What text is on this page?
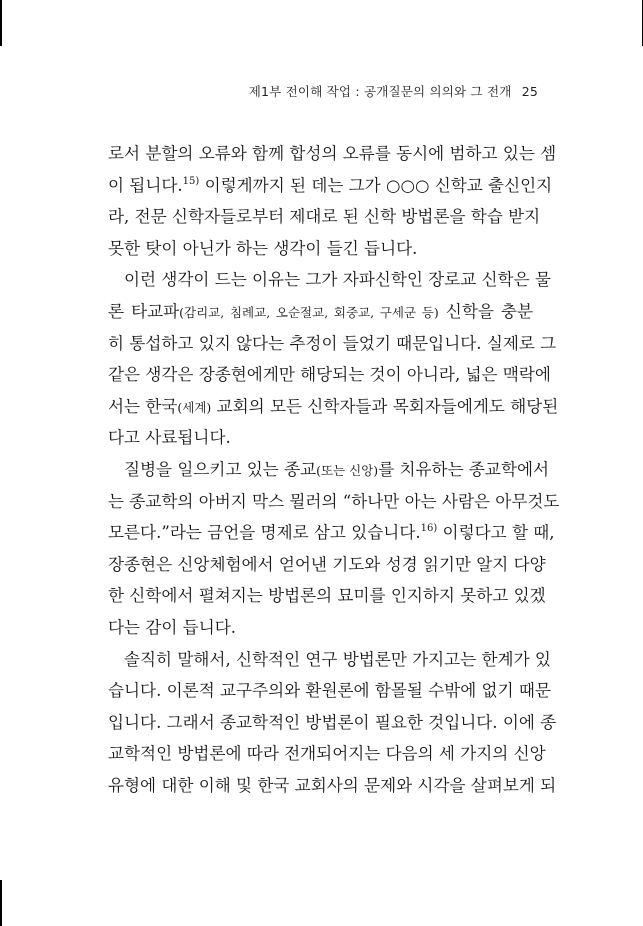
제1부 전이해 작업 : 공개질문의 의의와 그 전개 25
로서 분할의 오류와 함께 합성의 오류를 동시에 범하고 있는 셈
이 됩니다.$^{15)}$ 이렇게까지 된 데는 그가 ○○○ 신학교 출신인지
라, 전문 신학자들로부터 제대로 된 신학 방법론을 학습 받지
못한 탓이 아닌가 하는 생각이 들긴 듭니다.
이런 생각이 드는 이유는 그가 자파신학인 장로교 신학은 물
론 타교파(감리교, 침례교, 오순절교, 회중교, 구세군 등) 신학을 충분
히 통섭하고 있지 않다는 추정이 들었기 때문입니다. 실제로 그
같은 생각은 장종현에게만 해당되는 것이 아니라, 넓은 맥락에
서는 한국(세계) 교회의 모든 신학자들과 목회자들에게도 해당된
다고 사료됩니다.
질병을 일으키고 있는 종교(또는 신앙)를 치유하는 종교학에서
는 종교학의 아버지 막스 뮐러의 “하나만 아는 사람은 아무것도
모른다.”라는 금언을 명제로 삼고 있습니다.$^{16)}$ 이렇다고 할 때,
장종현은 신앙체험에서 얻어낸 기도와 성경 읽기만 알지 다양
한 신학에서 펼쳐지는 방법론의 묘미를 인지하지 못하고 있겠
다는 감이 듭니다.
솔직히 말해서, 신학적인 연구 방법론만 가지고는 한계가 있
습니다. 이론적 교구주의와 환원론에 함몰될 수밖에 없기 때문
입니다. 그래서 종교학적인 방법론이 필요한 것입니다. 이에 종
교학적인 방법론에 따라 전개되어지는 다음의 세 가지의 신앙
유형에 대한 이해 및 한국 교회사의 문제와 시각을 살펴보게 되
